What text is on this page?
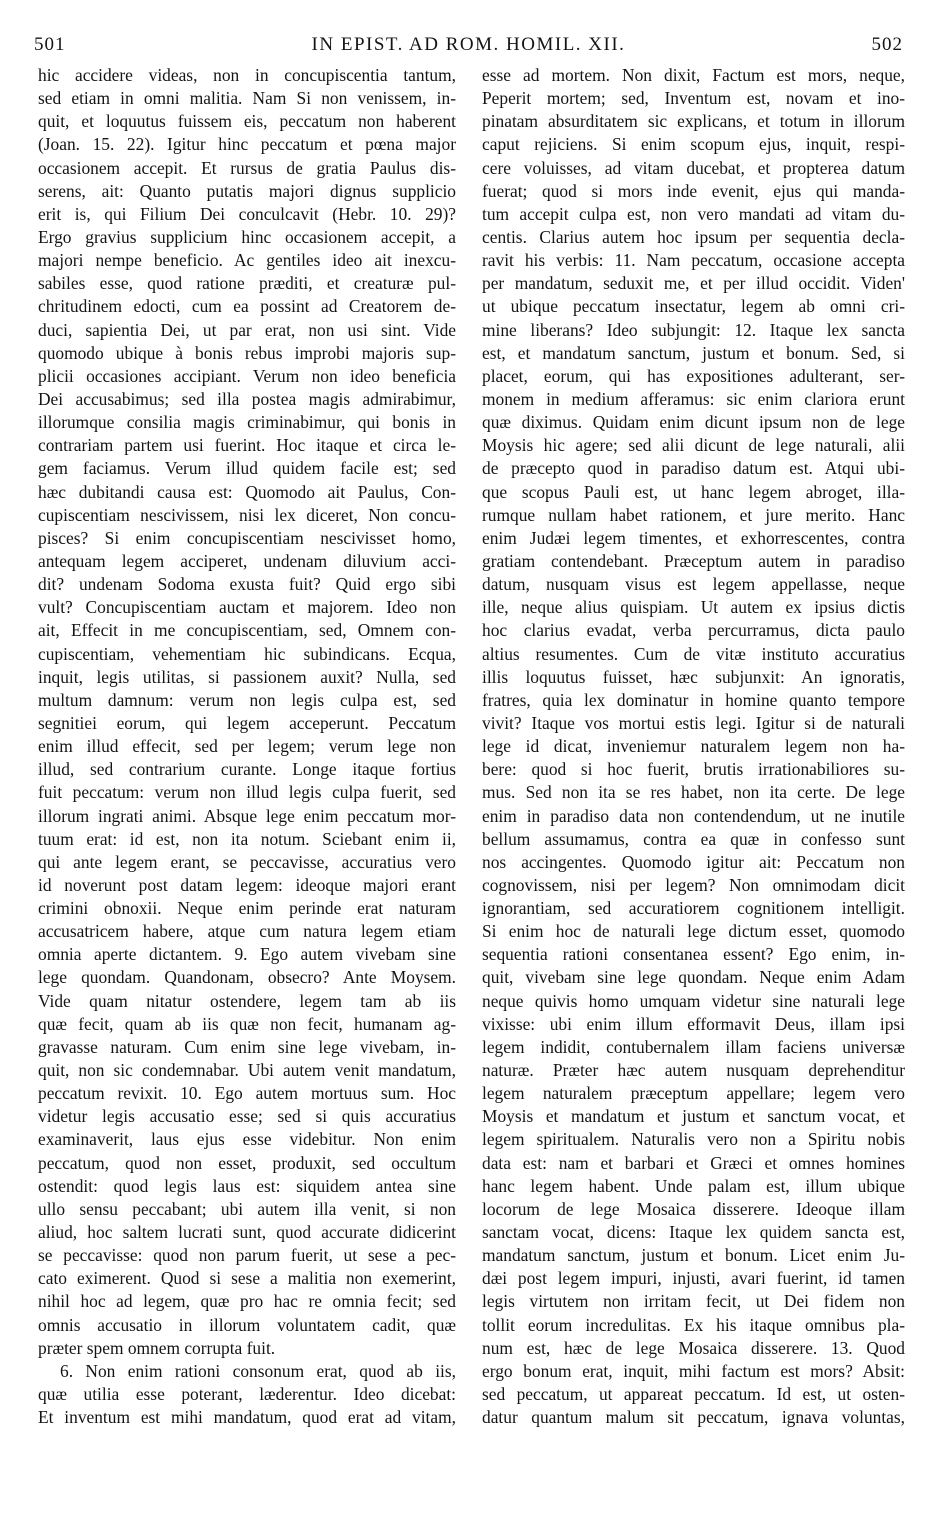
501	IN EPIST. AD ROM. HOMIL. XII.	502
hic accidere videas, non in concupiscentia tantum,
sed etiam in omni malitia. Nam Si non venissem, in-
quit, et loquutus fuissem eis, peccatum non haberent
(Joan. 15. 22). Igitur hinc peccatum et pœna major
occasionem accepit. Et rursus de gratia Paulus dis-
serens, ait: Quanto putatis majori dignus supplicio
erit is, qui Filium Dei conculcavit (Hebr. 10. 29)?
Ergo gravius supplicium hinc occasionem accepit, a
majori nempe beneficio. Ac gentiles ideo ait inexcu-
sabiles esse, quod ratione præditi, et creaturæ pul-
chritudinem edocti, cum ea possint ad Creatorem de-
duci, sapientia Dei, ut par erat, non usi sint. Vide
quomodo ubique à bonis rebus improbi majoris sup-
plicii occasiones accipiant. Verum non ideo beneficia
Dei accusabimus; sed illa postea magis admirabimur,
illorumque consilia magis criminabimur, qui bonis in
contrariam partem usi fuerint. Hoc itaque et circa le-
gem faciamus. Verum illud quidem facile est; sed
hæc dubitandi causa est: Quomodo ait Paulus, Con-
cupiscentiam nescivissem, nisi lex diceret, Non concu-
pisces? Si enim concupiscentiam nescivisset homo,
antequam legem acciperet, undenam diluvium acci-
dit? undenam Sodoma exusta fuit? Quid ergo sibi
vult? Concupiscentiam auctam et majorem. Ideo non
ait, Effecit in me concupiscentiam, sed, Omnem con-
cupiscentiam, vehementiam hic subindicans. Ecqua,
inquit, legis utilitas, si passionem auxit? Nulla, sed
multum damnum: verum non legis culpa est, sed
segnitiei eorum, qui legem acceperunt. Peccatum
enim illud effecit, sed per legem; verum lege non
illud, sed contrarium curante. Longe itaque fortius
fuit peccatum: verum non illud legis culpa fuerit, sed
illorum ingrati animi. Absque lege enim peccatum mor-
tuum erat: id est, non ita notum. Sciebant enim ii,
qui ante legem erant, se peccavisse, accuratius vero
id noverunt post datam legem: ideoque majori erant
crimini obnoxii. Neque enim perinde erat naturam
accusatricem habere, atque cum natura legem etiam
omnia aperte dictantem. 9. Ego autem vivebam sine
lege quondam. Quandonam, obsecro? Ante Moysem.
Vide quam nitatur ostendere, legem tam ab iis
quæ fecit, quam ab iis quæ non fecit, humanam ag-
gravasse naturam. Cum enim sine lege vivebam, in-
quit, non sic condemnabar. Ubi autem venit mandatum,
peccatum revixit. 10. Ego autem mortuus sum. Hoc
videtur legis accusatio esse; sed si quis accuratius
examinaverit, laus ejus esse videbitur. Non enim
peccatum, quod non esset, produxit, sed occultum
ostendit: quod legis laus est: siquidem antea sine
ullo sensu peccabant; ubi autem illa venit, si non
aliud, hoc saltem lucrati sunt, quod accurate didicerint
se peccavisse: quod non parum fuerit, ut sese a pec-
cato eximerent. Quod si sese a malitia non exemerint,
nihil hoc ad legem, quæ pro hac re omnia fecit; sed
omnis accusatio in illorum voluntatem cadit, quæ
præter spem omnem corrupta fuit.
6. Non enim rationi consonum erat, quod ab iis,
quæ utilia esse poterant, læderentur. Ideo dicebat:
Et inventum est mihi mandatum, quod erat ad vitam,
esse ad mortem. Non dixit, Factum est mors, neque,
Peperit mortem; sed, Inventum est, novam et ino-
pinatam absurditatem sic explicans, et totum in illorum
caput rejiciens. Si enim scopum ejus, inquit, respi-
cere voluisses, ad vitam ducebat, et propterea datum
fuerat; quod si mors inde evenit, ejus qui manda-
tum accepit culpa est, non vero mandati ad vitam du-
centis. Clarius autem hoc ipsum per sequentia decla-
ravit his verbis: 11. Nam peccatum, occasione accepta
per mandatum, seduxit me, et per illud occidit. Viden'
ut ubique peccatum insectatur, legem ab omni cri-
mine liberans? Ideo subjungit: 12. Itaque lex sancta
est, et mandatum sanctum, justum et bonum. Sed, si
placet, eorum, qui has expositiones adulterant, ser-
monem in medium afferamus: sic enim clariora erunt
quæ diximus. Quidam enim dicunt ipsum non de lege
Moysis hic agere; sed alii dicunt de lege naturali, alii
de præcepto quod in paradiso datum est. Atqui ubi-
que scopus Pauli est, ut hanc legem abroget, illa-
rumque nullam habet rationem, et jure merito. Hanc
enim Judæi legem timentes, et exhorrescentes, contra
gratiam contendebant. Præceptum autem in paradiso
datum, nusquam visus est legem appellasse, neque
ille, neque alius quispiam. Ut autem ex ipsius dictis
hoc clarius evadat, verba percurramus, dicta paulo
altius resumentes. Cum de vitæ instituto accuratius
illis loquutus fuisset, hæc subjunxit: An ignoratis,
fratres, quia lex dominatur in homine quanto tempore
vivit? Itaque vos mortui estis legi. Igitur si de naturali
lege id dicat, inveniemur naturalem legem non ha-
bere: quod si hoc fuerit, brutis irrationabiliores su-
mus. Sed non ita se res habet, non ita certe. De lege
enim in paradiso data non contendendum, ut ne inutile
bellum assumamus, contra ea quæ in confesso sunt
nos accingentes. Quomodo igitur ait: Peccatum non
cognovissem, nisi per legem? Non omnimodam dicit
ignorantiam, sed accuratiorem cognitionem intelligit.
Si enim hoc de naturali lege dictum esset, quomodo
sequentia rationi consentanea essent? Ego enim, in-
quit, vivebam sine lege quondam. Neque enim Adam
neque quivis homo umquam videtur sine naturali lege
vixisse: ubi enim illum efformavit Deus, illam ipsi
legem indidit, contubernalem illam faciens universæ
naturæ. Præter hæc autem nusquam deprehenditur
legem naturalem præceptum appellare; legem vero
Moysis et mandatum et justum et sanctum vocat, et
legem spiritualem. Naturalis vero non a Spiritu nobis
data est: nam et barbari et Græci et omnes homines
hanc legem habent. Unde palam est, illum ubique
locorum de lege Mosaica disserere. Ideoque illam
sanctam vocat, dicens: Itaque lex quidem sancta est,
mandatum sanctum, justum et bonum. Licet enim Ju-
dæi post legem impuri, injusti, avari fuerint, id tamen
legis virtutem non irritam fecit, ut Dei fidem non
tollit eorum incredulitas. Ex his itaque omnibus pla-
num est, hæc de lege Mosaica disserere. 13. Quod
ergo bonum erat, inquit, mihi factum est mors? Absit:
sed peccatum, ut appareat peccatum. Id est, ut osten-
datur quantum malum sit peccatum, ignava voluntas,
